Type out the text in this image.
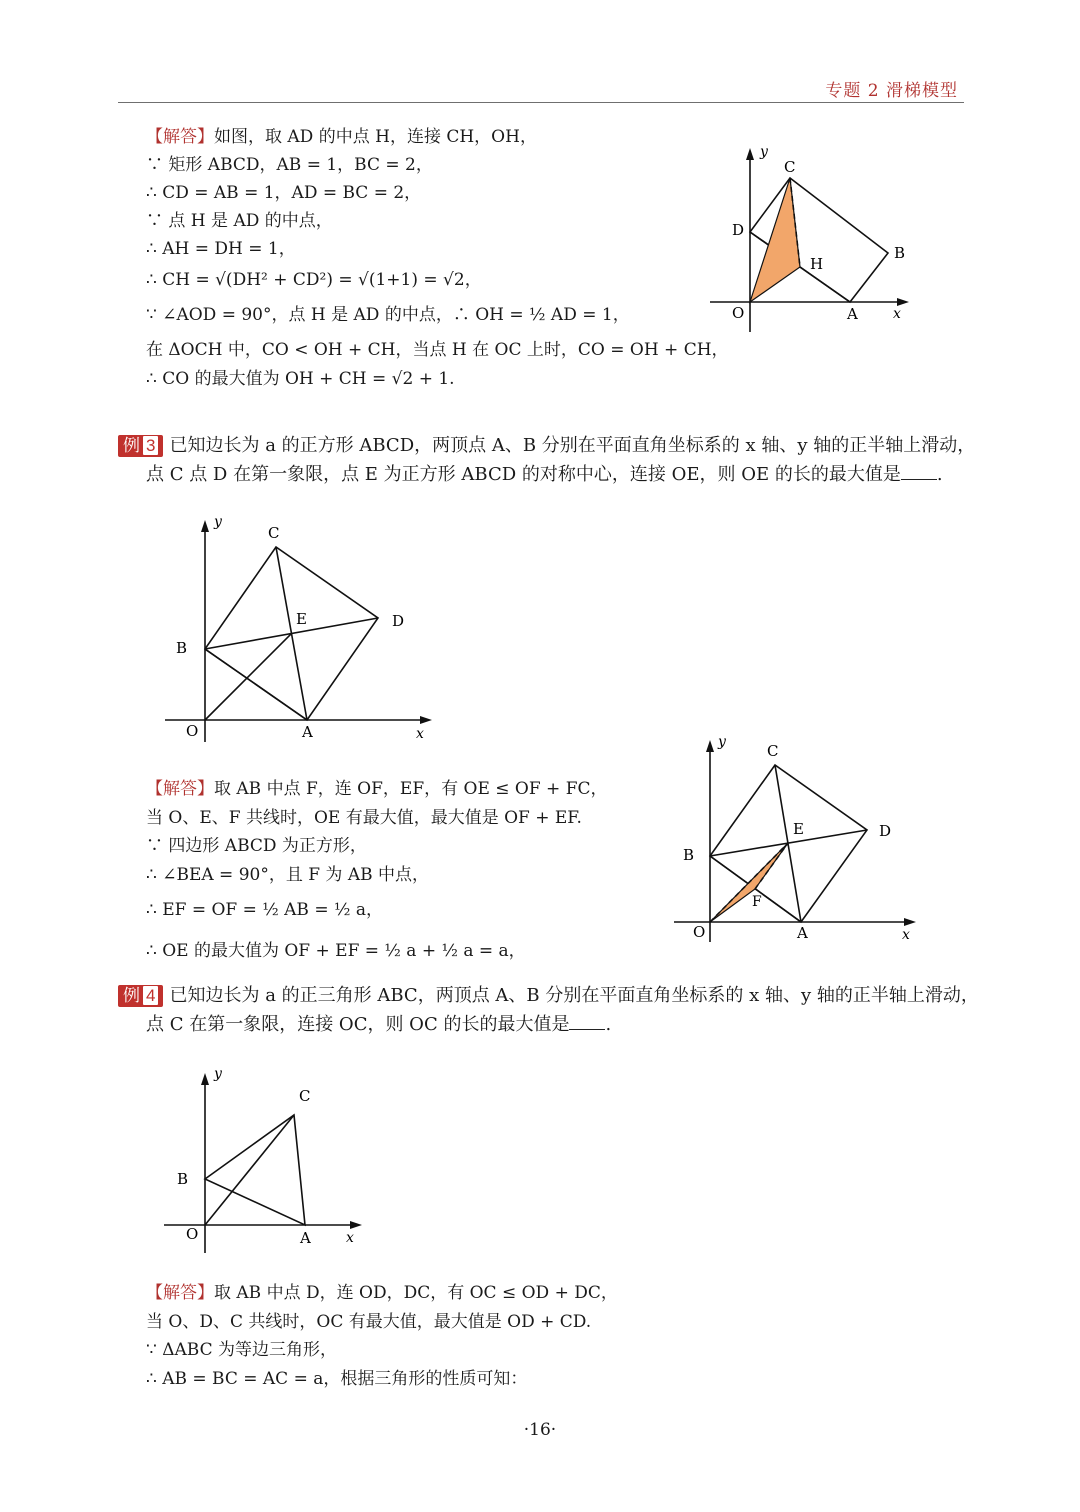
专题 2 滑梯模型
【解答】如图，取 AD 的中点 H，连接 CH，OH，
∵ 矩形 ABCD，AB = 1，BC = 2，
∴ CD = AB = 1，AD = BC = 2，
∵ 点 H 是 AD 的中点，
∴ AH = DH = 1，
∴ CH = √(DH² + CD²) = √(1+1) = √2，
∵ ∠AOD = 90°，点 H 是 AD 的中点，∴ OH = ½ AD = 1，
在 ΔOCH 中，CO < OH + CH，当点 H 在 OC 上时，CO = OH + CH，
∴ CO 的最大值为 OH + CH = √2 + 1.
y
C
D
B
H
O	A	x
例 3 已知边长为 a 的正方形 ABCD，两顶点 A、B 分别在平面直角坐标系的 x 轴、y 轴的正半轴上滑动，
点 C 点 D 在第一象限，点 E 为正方形 ABCD 的对称中心，连接 OE，则 OE 的长的最大值是 .
y
C
E	D
B
O	A	x
【解答】取 AB 中点 F，连 OF，EF，有 OE ≤ OF + FC，
当 O、E、F 共线时，OE 有最大值，最大值是 OF + EF.
∵ 四边形 ABCD 为正方形，
∴ ∠BEA = 90°，且 F 为 AB 中点，
∴ EF = OF = ½ AB = ½ a，
∴ OE 的最大值为 OF + EF = ½ a + ½ a = a，
y	C
E	D
B
F
O	A	x
例 4 已知边长为 a 的正三角形 ABC，两顶点 A、B 分别在平面直角坐标系的 x 轴、y 轴的正半轴上滑动，
点 C 在第一象限，连接 OC，则 OC 的长的最大值是 .
y
C
B
O	A	x
【解答】取 AB 中点 D，连 OD，DC，有 OC ≤ OD + DC，
当 O、D、C 共线时，OC 有最大值，最大值是 OD + CD.
∵ ΔABC 为等边三角形，
∴ AB = BC = AC = a，根据三角形的性质可知：
·16·
